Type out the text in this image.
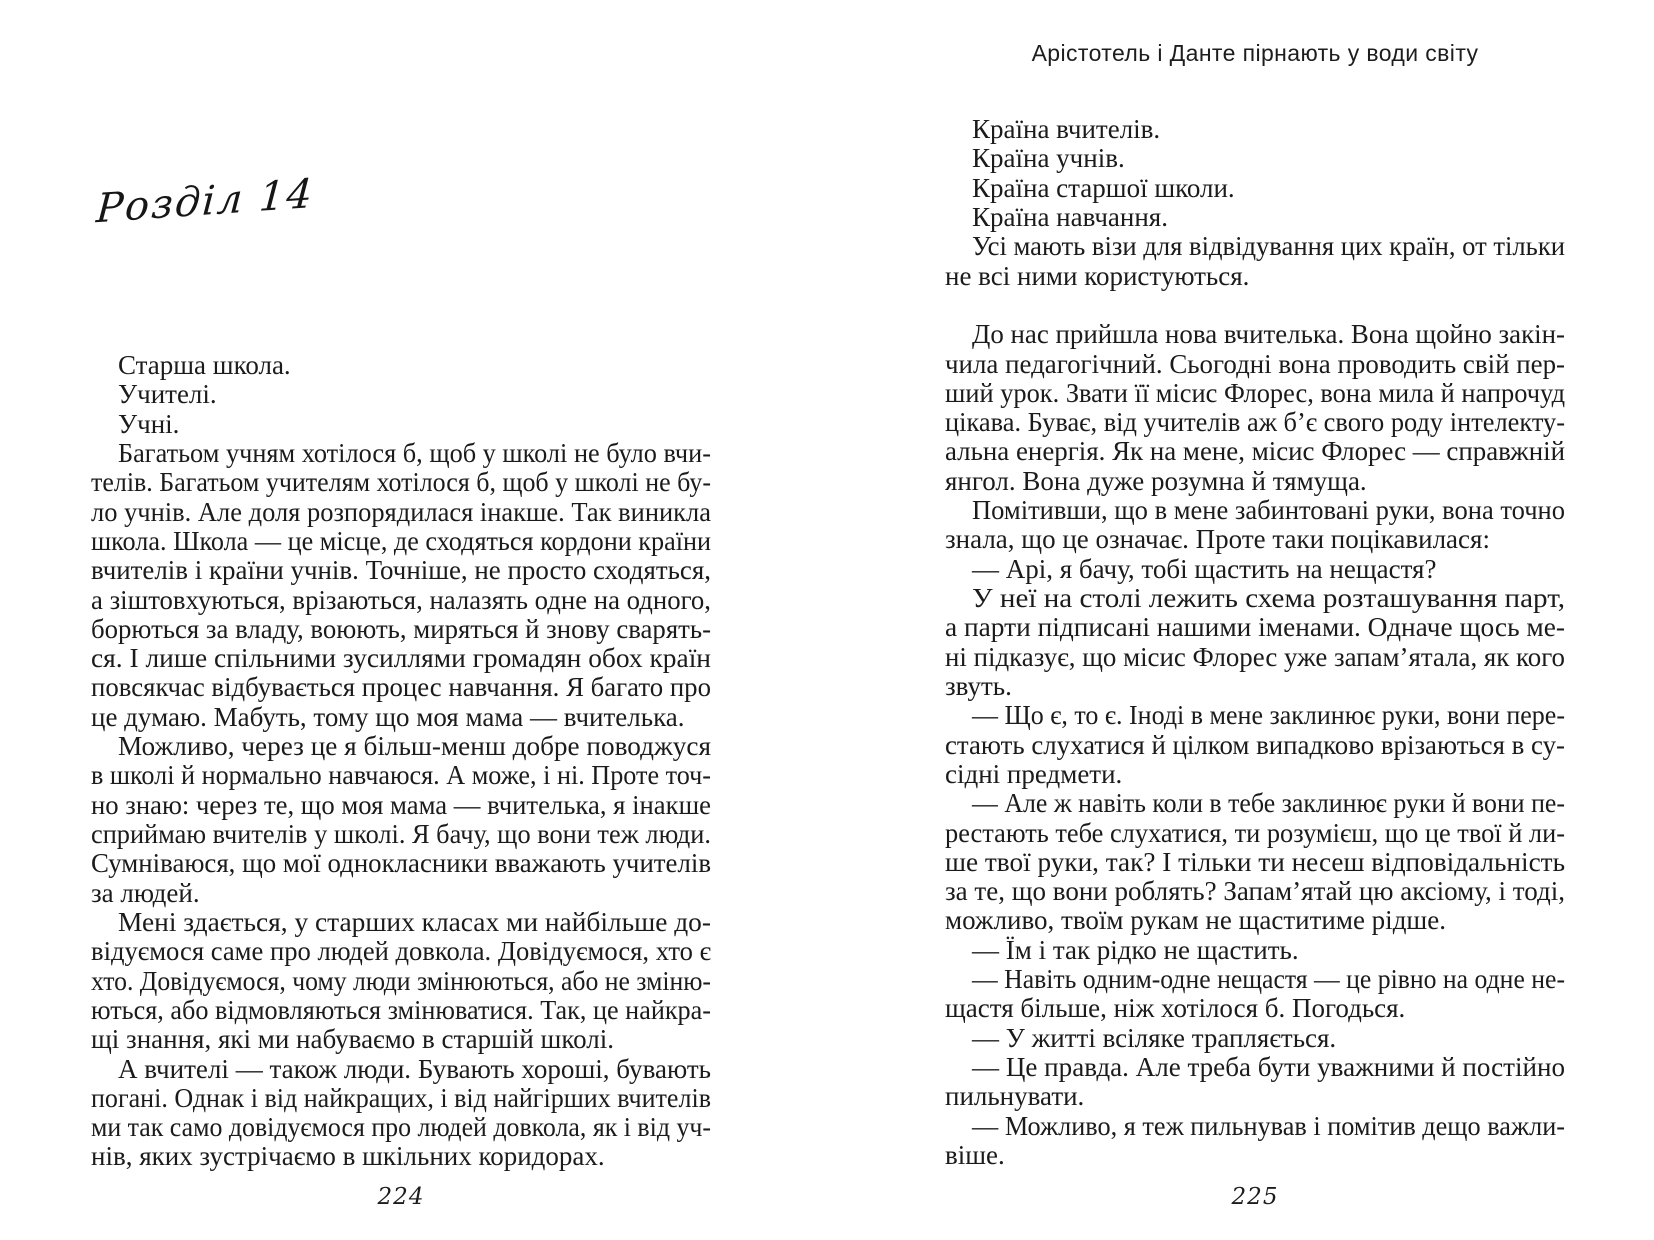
Розділ 14
Старша школа.
Учителі.
Учні.
Багатьом учням хотілося б, щоб у школі не було вчи-
телів. Багатьом учителям хотілося б, щоб у школі не бу-
ло учнів. Але доля розпорядилася інакше. Так виникла
школа. Школа — це місце, де сходяться кордони країни
вчителів і країни учнів. Точніше, не просто сходяться,
а зіштовхуються, врізаються, налазять одне на одного,
борються за владу, воюють, миряться й знову сварять-
ся. І лише спільними зусиллями громадян обох країн
повсякчас відбувається процес навчання. Я багато про
це думаю. Мабуть, тому що моя мама — вчителька.
Можливо, через це я більш-менш добре поводжуся
в школі й нормально навчаюся. А може, і ні. Проте точ-
но знаю: через те, що моя мама — вчителька, я інакше
сприймаю вчителів у школі. Я бачу, що вони теж люди.
Сумніваюся, що мої однокласники вважають учителів
за людей.
Мені здається, у старших класах ми найбільше до-
відуємося саме про людей довкола. Довідуємося, хто є
хто. Довідуємося, чому люди змінюються, або не зміню-
ються, або відмовляються змінюватися. Так, це найкра-
щі знання, які ми набуваємо в старшій школі.
А вчителі — також люди. Бувають хороші, бувають
погані. Однак і від найкращих, і від найгірших вчителів
ми так само довідуємося про людей довкола, як і від уч-
нів, яких зустрічаємо в шкільних коридорах.
224
Арістотель і Данте пірнають у води світу
Країна вчителів.
Країна учнів.
Країна старшої школи.
Країна навчання.
Усі мають візи для відвідування цих країн, от тільки
не всі ними користуються.
До нас прийшла нова вчителька. Вона щойно закін-
чила педагогічний. Сьогодні вона проводить свій пер-
ший урок. Звати її місис Флорес, вона мила й напрочуд
цікава. Буває, від учителів аж б’є свого роду інтелекту-
альна енергія. Як на мене, місис Флорес — справжній
янгол. Вона дуже розумна й тямуща.
Помітивши, що в мене забинтовані руки, вона точно
знала, що це означає. Проте таки поцікавилася:
— Арі, я бачу, тобі щастить на нещастя?
У неї на столі лежить схема розташування парт,
а парти підписані нашими іменами. Одначе щось ме-
ні підказує, що місис Флорес уже запам’ятала, як кого
звуть.
— Що є, то є. Іноді в мене заклинює руки, вони пере-
стають слухатися й цілком випадково врізаються в су-
сідні предмети.
— Але ж навіть коли в тебе заклинює руки й вони пе-
рестають тебе слухатися, ти розумієш, що це твої й ли-
ше твої руки, так? І тільки ти несеш відповідальність
за те, що вони роблять? Запам’ятай цю аксіому, і тоді,
можливо, твоїм рукам не щаститиме рідше.
— Їм і так рідко не щастить.
— Навіть одним-одне нещастя — це рівно на одне не-
щастя більше, ніж хотілося б. Погодься.
— У житті всіляке трапляється.
— Це правда. Але треба бути уважними й постійно
пильнувати.
— Можливо, я теж пильнував і помітив дещо важли-
віше.
225
